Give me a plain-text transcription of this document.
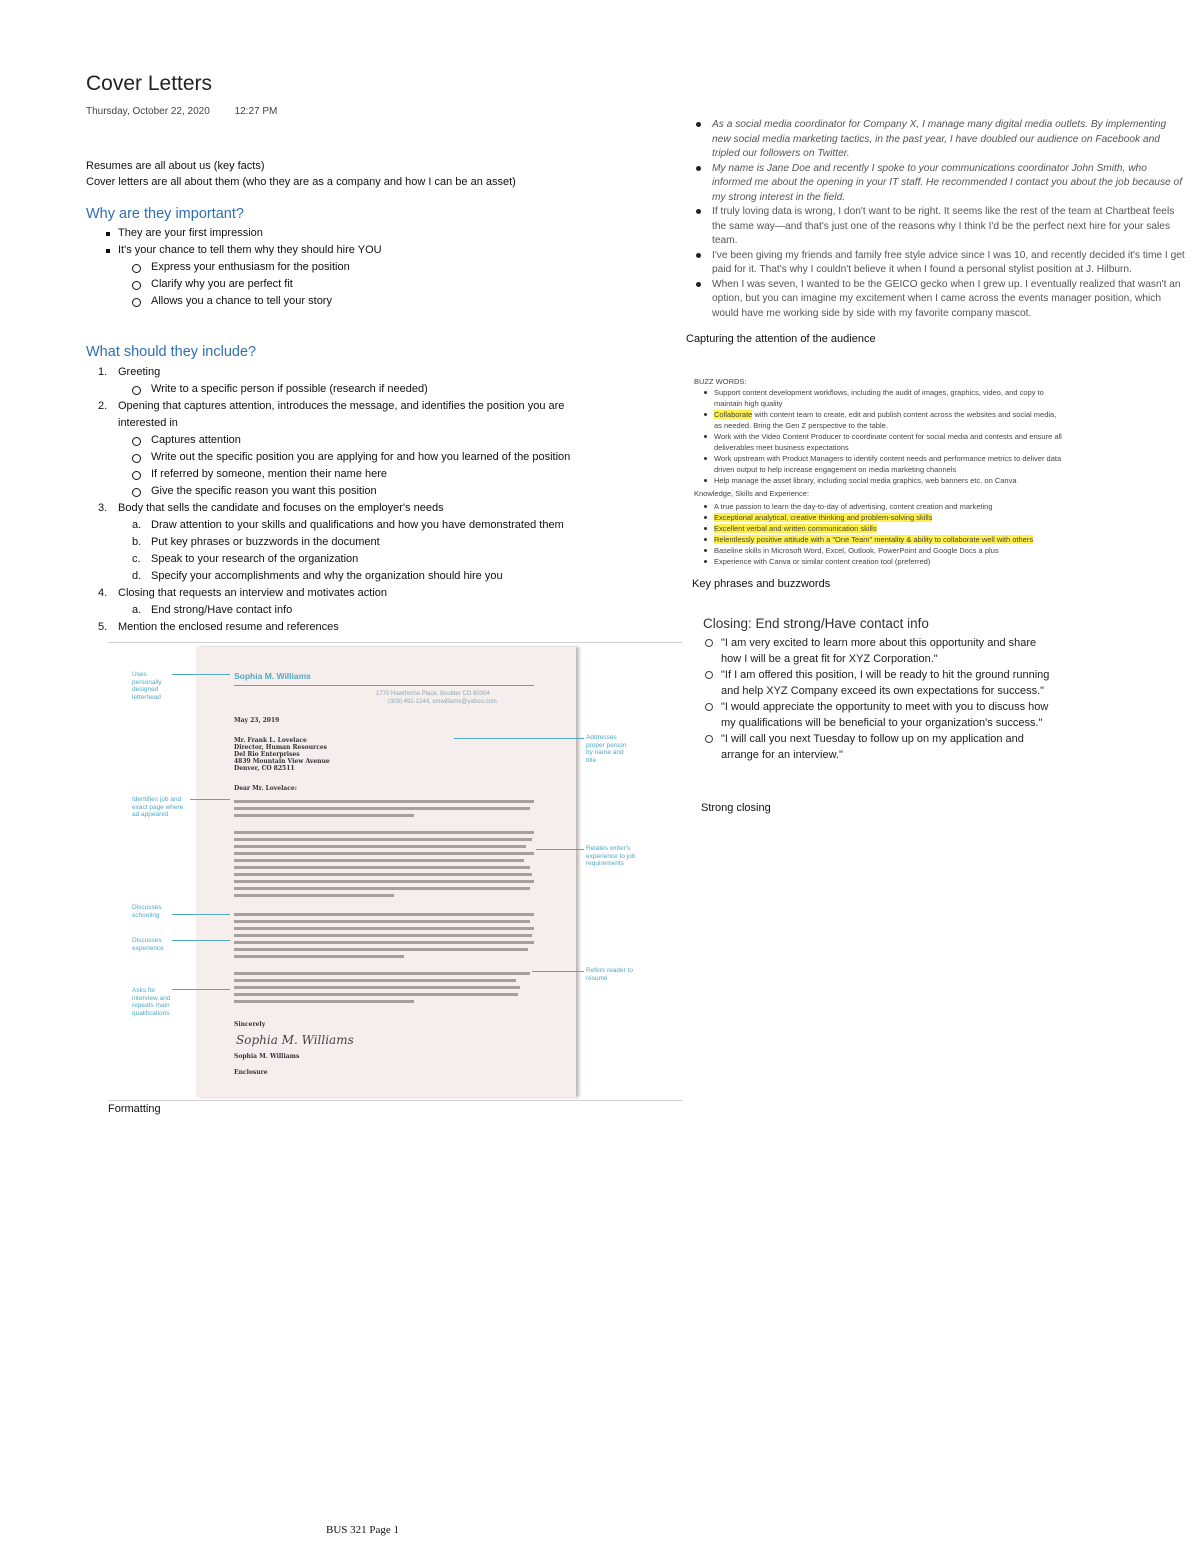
Cover Letters
Thursday, October 22, 2020 12:27 PM
Resumes are all about us (key facts)
Cover letters are all about them (who they are as a company and how I can be an asset)
Why are they important?
They are your first impression
It's your chance to tell them why they should hire YOU
Express your enthusiasm for the position
Clarify why you are perfect fit
Allows you a chance to tell your story
What should they include?
1. Greeting
Write to a specific person if possible (research if needed)
2. Opening that captures attention, introduces the message, and identifies the position you are
interested in
Captures attention
Write out the specific position you are applying for and how you learned of the position
If referred by someone, mention their name here
Give the specific reason you want this position
3. Body that sells the candidate and focuses on the employer's needs
a. Draw attention to your skills and qualifications and how you have demonstrated them
b. Put key phrases or buzzwords in the document
c. Speak to your research of the organization
d. Specify your accomplishments and why the organization should hire you
4. Closing that requests an interview and motivates action
a. End strong/Have contact info
5. Mention the enclosed resume and references
Sophia M. Williams
1770 Hawthorne Place, Boulder CO 80304
(303) 492-1244, smwilliams@yahoo.com
May 23, 2019
Mr. Frank L. Lovelace
Director, Human Resources
Del Rio Enterprises
4839 Mountain View Avenue
Denver, CO 82511
Dear Mr. Lovelace:
Sincerely
Sophia M. Williams
Sophia M. Williams
Enclosure
Uses personally designed letterhead
Identifies job and exact page where ad appeared
Discusses schooling
Discusses experience
Asks for interview and repeats main qualifications
Addresses proper person by name and title
Relates writer's experience to job requirements
Refers reader to résumé
Formatting
As a social media coordinator for Company X, I manage many digital media outlets. By implementing new social media marketing tactics, in the past year, I have doubled our audience on Facebook and tripled our followers on Twitter.
My name is Jane Doe and recently I spoke to your communications coordinator John Smith, who informed me about the opening in your IT staff. He recommended I contact you about the job because of my strong interest in the field.
If truly loving data is wrong, I don't want to be right. It seems like the rest of the team at Chartbeat feels the same way—and that's just one of the reasons why I think I'd be the perfect next hire for your sales team.
I've been giving my friends and family free style advice since I was 10, and recently decided it's time I get paid for it. That's why I couldn't believe it when I found a personal stylist position at J. Hilburn.
When I was seven, I wanted to be the GEICO gecko when I grew up. I eventually realized that wasn't an option, but you can imagine my excitement when I came across the events manager position, which would have me working side by side with my favorite company mascot.
Capturing the attention of the audience
BUZZ WORDS:
Support content development workflows, including the audit of images, graphics, video, and copy to maintain high quality
Collaborate with content team to create, edit and publish content across the websites and social media, as needed. Bring the Gen Z perspective to the table.
Work with the Video Content Producer to coordinate content for social media and contests and ensure all deliverables meet business expectations
Work upstream with Product Managers to identify content needs and performance metrics to deliver data driven output to help increase engagement on media marketing channels
Help manage the asset library, including social media graphics, web banners etc. on Canva
Knowledge, Skills and Experience:
A true passion to learn the day-to-day of advertising, content creation and marketing
Exceptional analytical, creative thinking and problem-solving skills
Excellent verbal and written communication skills
Relentlessly positive attitude with a "One Team" mentality & ability to collaborate well with others
Baseline skills in Microsoft Word, Excel, Outlook, PowerPoint and Google Docs a plus
Experience with Canva or similar content creation tool (preferred)
Key phrases and buzzwords
Closing: End strong/Have contact info
"I am very excited to learn more about this opportunity and share how I will be a great fit for XYZ Corporation."
"If I am offered this position, I will be ready to hit the ground running and help XYZ Company exceed its own expectations for success."
"I would appreciate the opportunity to meet with you to discuss how my qualifications will be beneficial to your organization's success."
"I will call you next Tuesday to follow up on my application and arrange for an interview."
Strong closing
BUS 321 Page 1
